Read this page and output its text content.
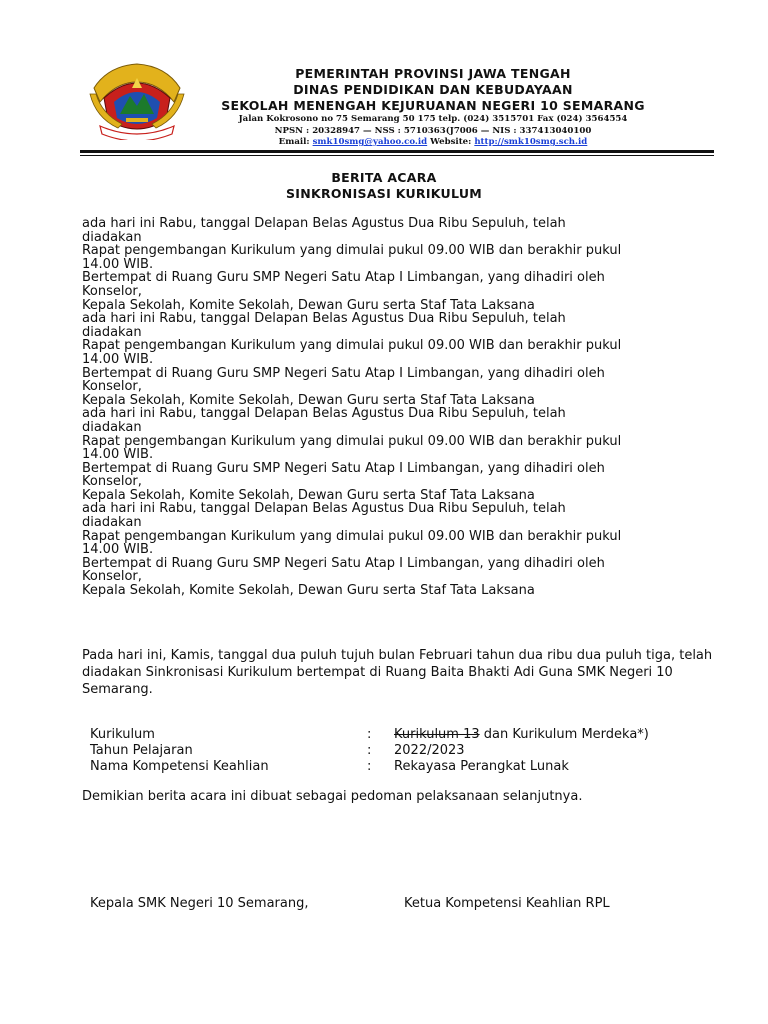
PEMERINTAH PROVINSI JAWA TENGAH
DINAS PENDIDIKAN DAN KEBUDAYAAN
SEKOLAH MENENGAH KEJURUANAN NEGERI 10 SEMARANG
Jalan Kokrosono no 75 Semarang 50 175 telp. (024) 3515701 Fax (024) 3564554
NPSN : 20328947 — NSS : 5710363(J7006 — NIS : 337413040100
Email: smk10smg@yahoo.co.id Website: http://smk10smg.sch.id
BERITA ACARA
SINKRONISASI KURIKULUM

ada hari ini Rabu, tanggal Delapan Belas Agustus Dua Ribu Sepuluh, telah

diadakan

Rapat pengembangan Kurikulum yang dimulai pukul 09.00 WIB dan berakhir pukul

14.00 WIB.

Bertempat di Ruang Guru SMP Negeri Satu Atap I Limbangan, yang dihadiri oleh

Konselor,

Kepala Sekolah, Komite Sekolah, Dewan Guru serta Staf Tata Laksana

ada hari ini Rabu, tanggal Delapan Belas Agustus Dua Ribu Sepuluh, telah

diadakan

Rapat pengembangan Kurikulum yang dimulai pukul 09.00 WIB dan berakhir pukul

14.00 WIB.

Bertempat di Ruang Guru SMP Negeri Satu Atap I Limbangan, yang dihadiri oleh

Konselor,

Kepala Sekolah, Komite Sekolah, Dewan Guru serta Staf Tata Laksana

ada hari ini Rabu, tanggal Delapan Belas Agustus Dua Ribu Sepuluh, telah

diadakan

Rapat pengembangan Kurikulum yang dimulai pukul 09.00 WIB dan berakhir pukul

14.00 WIB.

Bertempat di Ruang Guru SMP Negeri Satu Atap I Limbangan, yang dihadiri oleh

Konselor,

Kepala Sekolah, Komite Sekolah, Dewan Guru serta Staf Tata Laksana

ada hari ini Rabu, tanggal Delapan Belas Agustus Dua Ribu Sepuluh, telah

diadakan

Rapat pengembangan Kurikulum yang dimulai pukul 09.00 WIB dan berakhir pukul

14.00 WIB.

Bertempat di Ruang Guru SMP Negeri Satu Atap I Limbangan, yang dihadiri oleh

Konselor,

Kepala Sekolah, Komite Sekolah, Dewan Guru serta Staf Tata Laksana

Pada hari ini, Kamis, tanggal dua puluh tujuh bulan Februari tahun dua ribu dua puluh tiga, telah diadakan Sinkronisasi Kurikulum bertempat di Ruang Baita Bhakti Adi Guna SMK Negeri 10 Semarang.
Kurikulum	: Kurikulum 13 dan Kurikulum Merdeka*)
Tahun Pelajaran	: 2022/2023
Nama Kompetensi Keahlian	: Rekayasa Perangkat Lunak
Demikian berita acara ini dibuat sebagai pedoman pelaksanaan selanjutnya.
Kepala SMK Negeri 10 Semarang,	Ketua Kompetensi Keahlian RPL
